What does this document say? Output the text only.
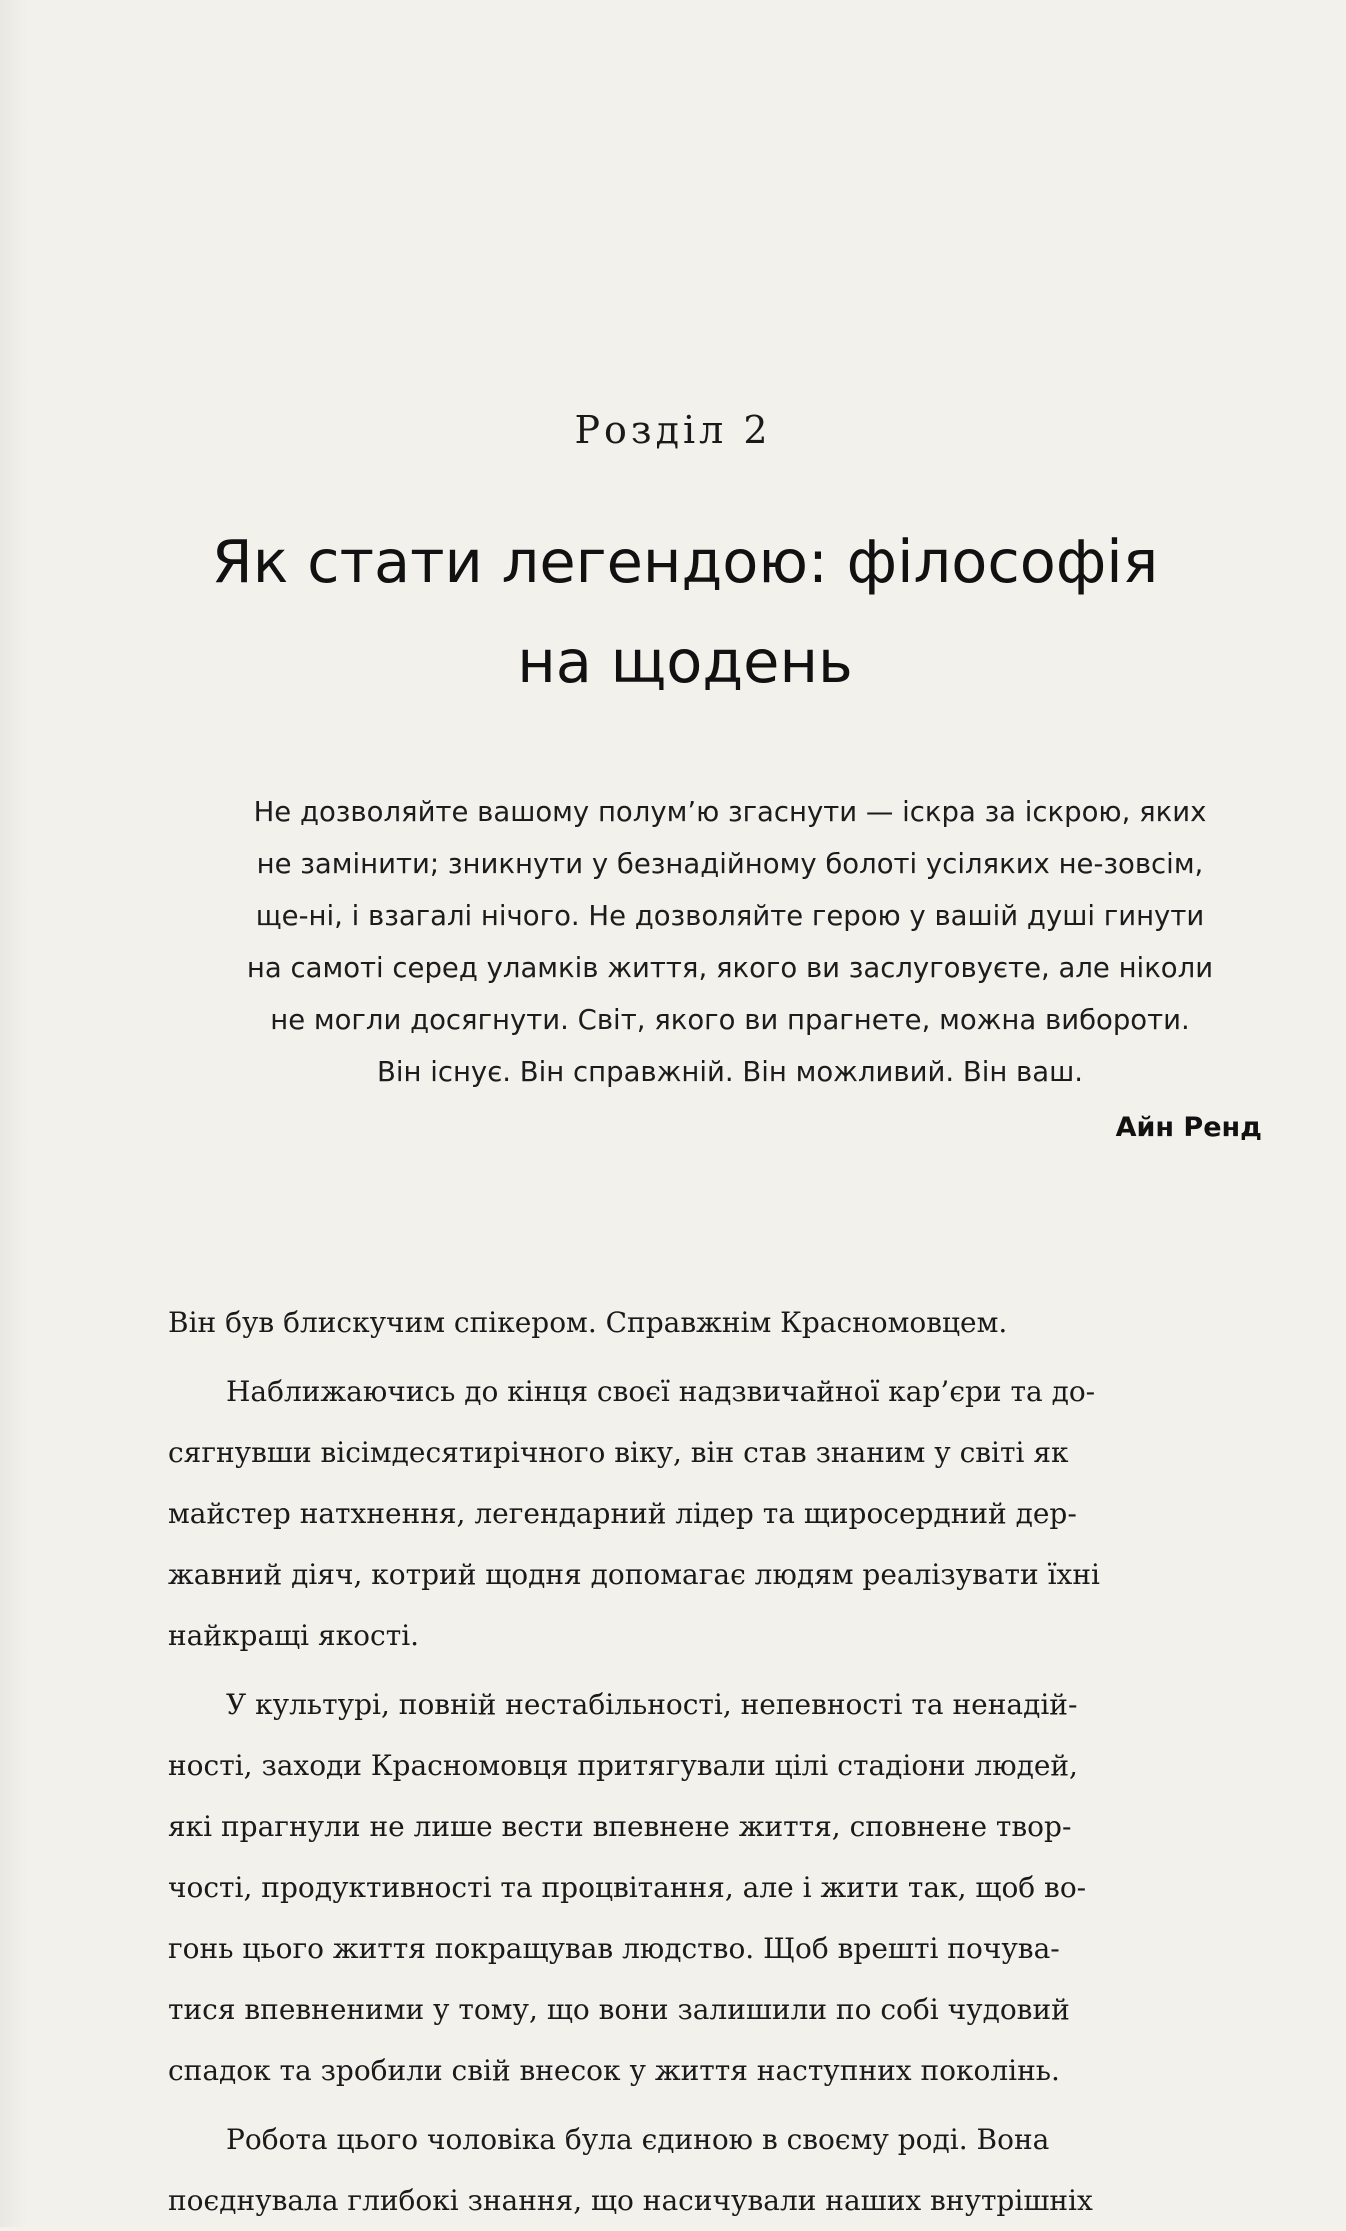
Розділ 2
Як стати легендою: філософія
на щодень
Не дозволяйте вашому полум’ю згаснути — іскра за іскрою, яких
не замінити; зникнути у безнадійному болоті усіляких не-зовсім,
ще-ні, і взагалі нічого. Не дозволяйте герою у вашій душі гинути
на самоті серед уламків життя, якого ви заслуговуєте, але ніколи
не могли досягнути. Світ, якого ви прагнете, можна вибороти.
Він існує. Він справжній. Він можливий. Він ваш.
Айн Ренд
Він був блискучим спікером. Справжнім Красномовцем.
Наближаючись до кінця своєї надзвичайної кар’єри та до-
сягнувши вісімдесятирічного віку, він став знаним у світі як
майстер натхнення, легендарний лідер та щиросердний дер-
жавний діяч, котрий щодня допомагає людям реалізувати їхні
найкращі якості.
У культурі, повній нестабільності, непевності та ненадій-
ності, заходи Красномовця притягували цілі стадіони людей,
які прагнули не лише вести впевнене життя, сповнене твор-
чості, продуктивності та процвітання, але і жити так, щоб во-
гонь цього життя покращував людство. Щоб врешті почува-
тися впевненими у тому, що вони залишили по собі чудовий
спадок та зробили свій внесок у життя наступних поколінь.
Робота цього чоловіка була єдиною в своєму роді. Вона
поєднувала глибокі знання, що насичували наших внутрішніх
